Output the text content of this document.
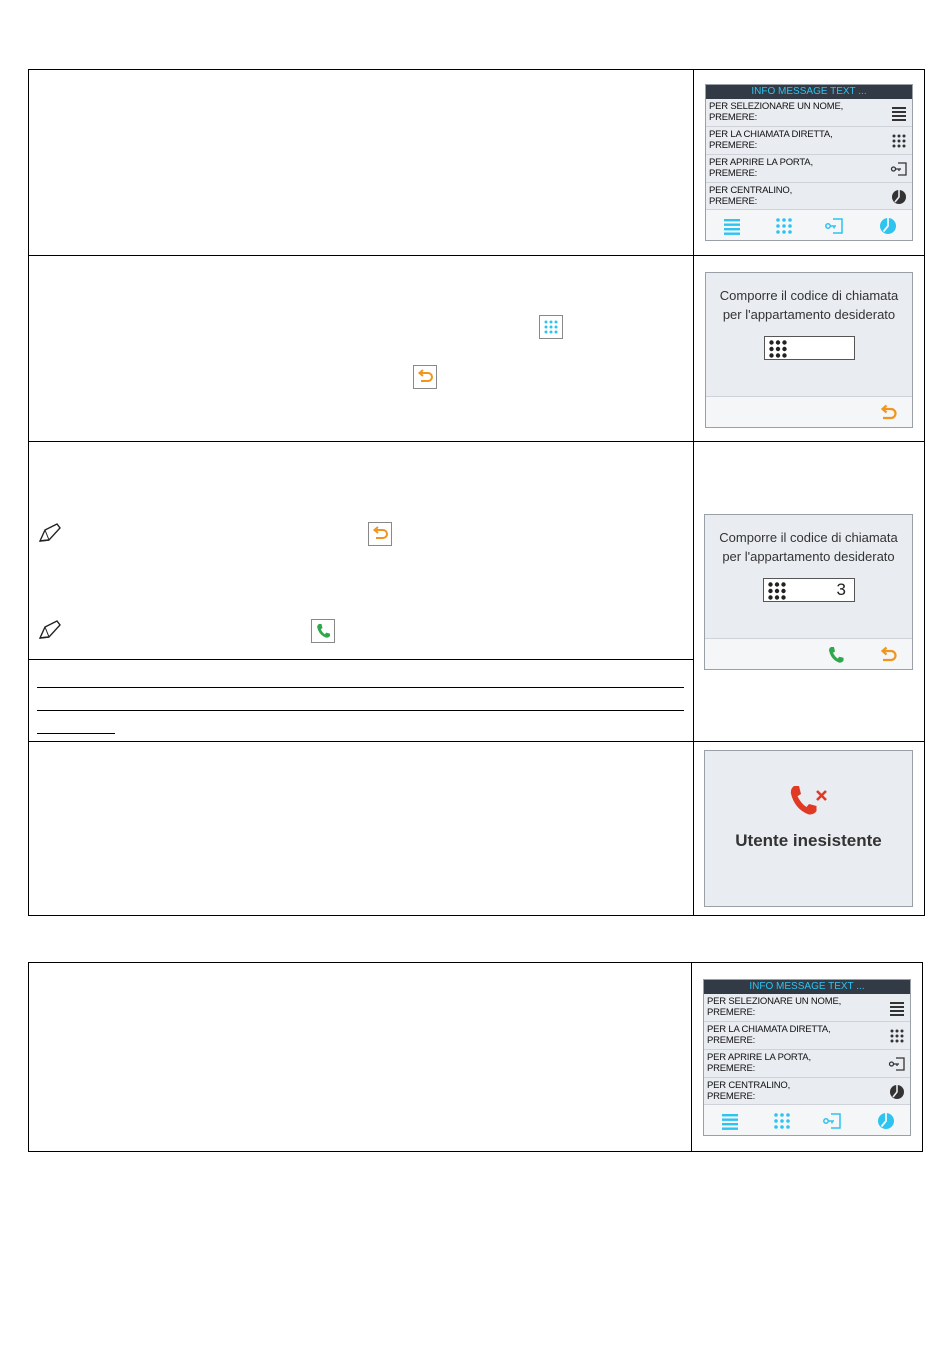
INFO MESSAGE TEXT ...
PER SELEZIONARE UN NOME,
PREMERE:
PER LA CHIAMATA DIRETTA,
PREMERE:
PER APRIRE LA PORTA,
PREMERE:
PER CENTRALINO,
PREMERE:
Comporre il codice di chiamata
per l'appartamento desiderato
Comporre il codice di chiamata
per l'appartamento desiderato
3
Utente inesistente
INFO MESSAGE TEXT ...
PER SELEZIONARE UN NOME,
PREMERE:
PER LA CHIAMATA DIRETTA,
PREMERE:
PER APRIRE LA PORTA,
PREMERE:
PER CENTRALINO,
PREMERE:
